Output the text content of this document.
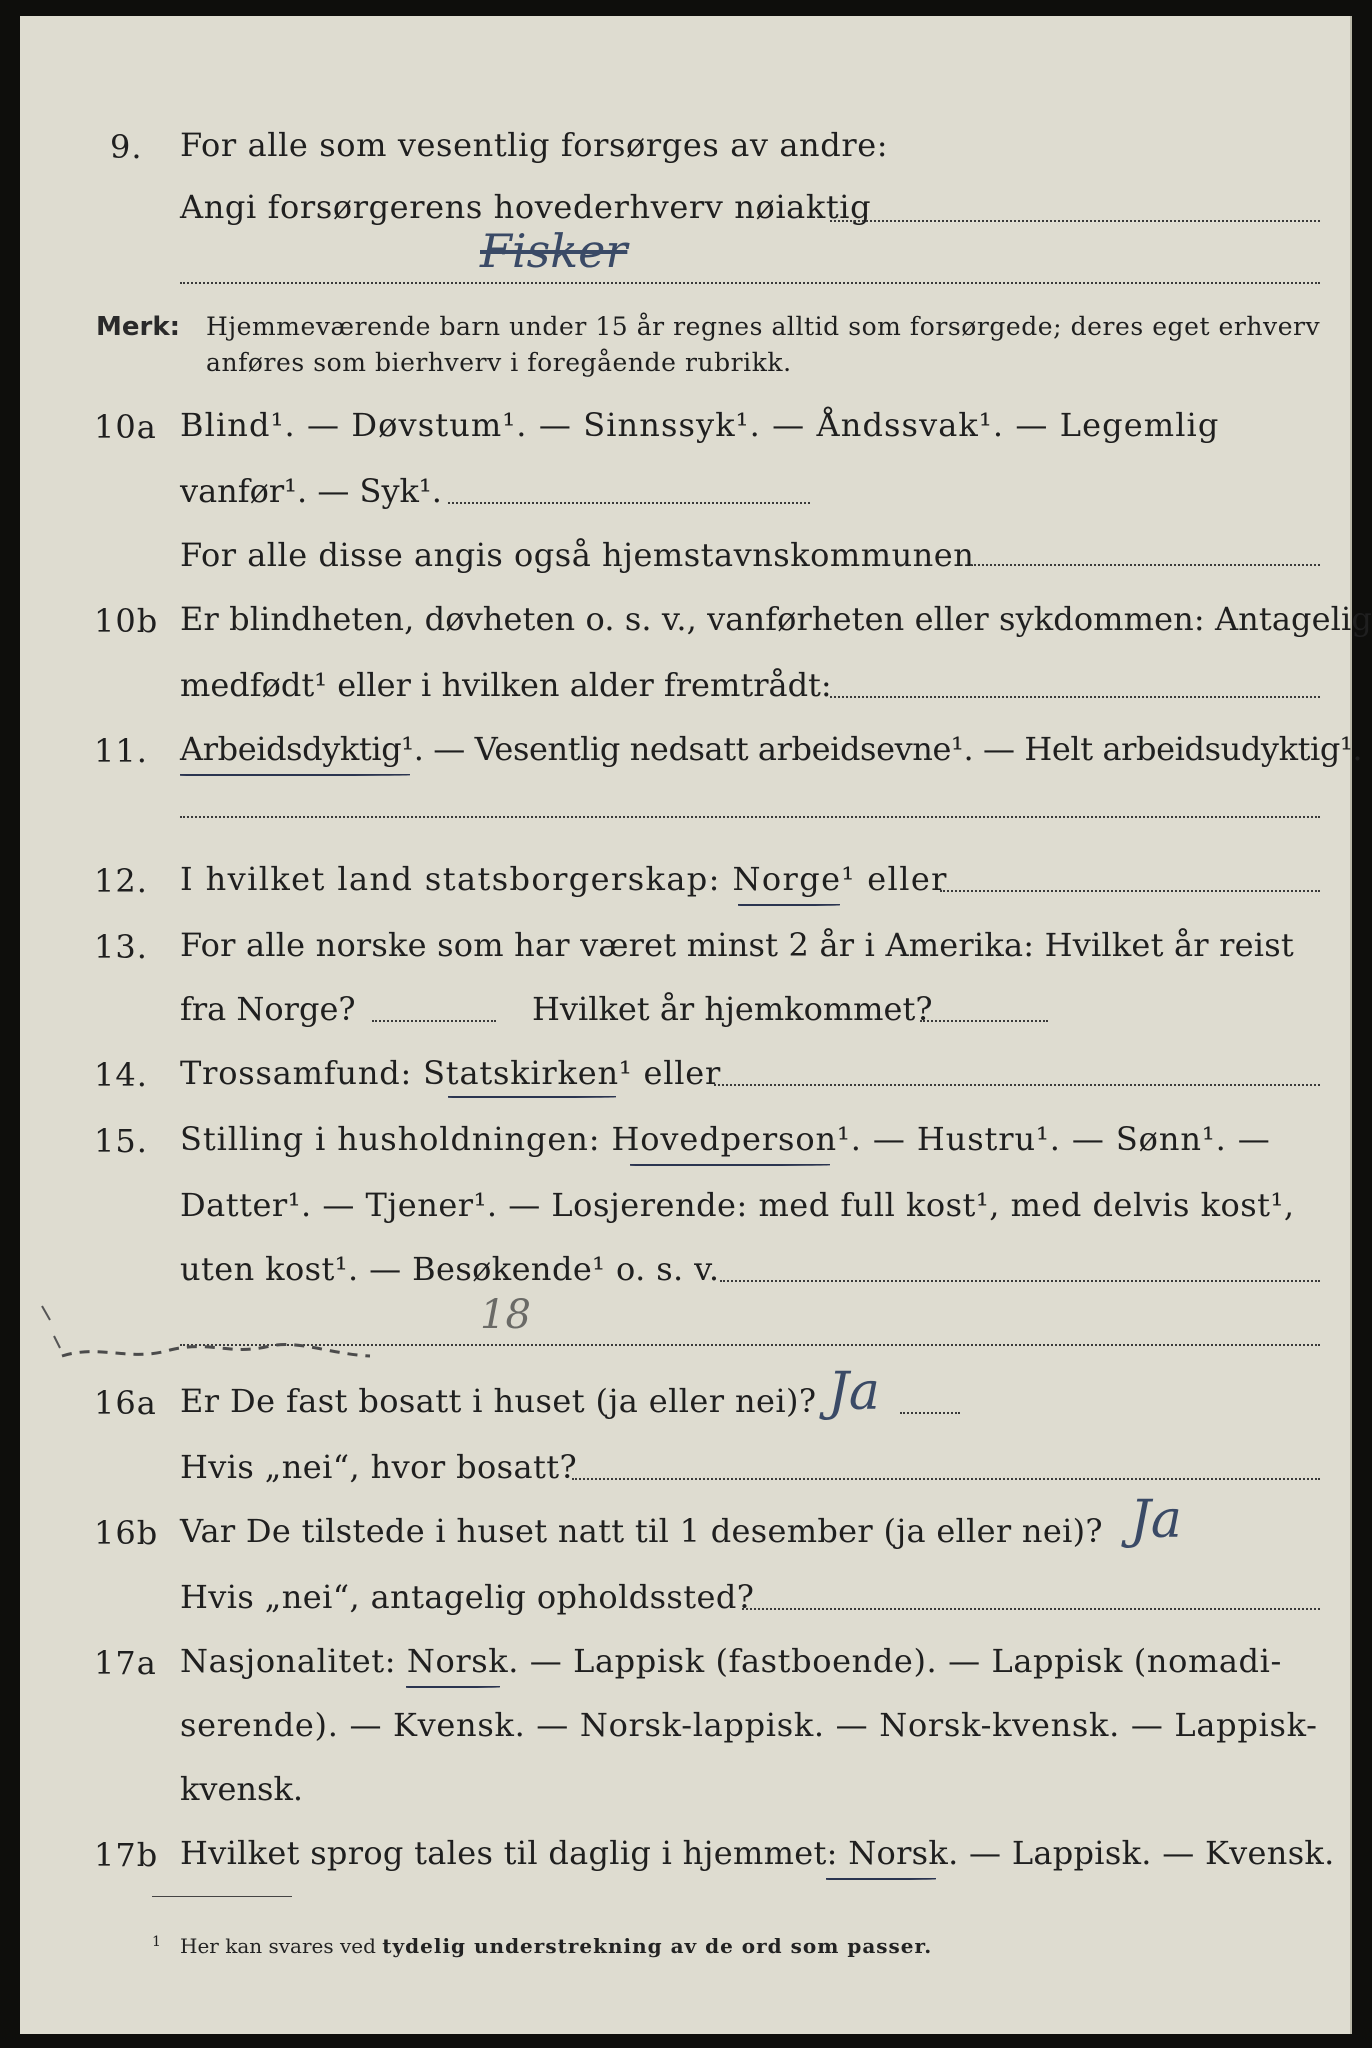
9. For alle som vesentlig forsørges av andre:
Angi forsørgerens hovederhverv nøiaktig
Fisker
Merk: Hjemmeværende barn under 15 år regnes alltid som forsørgede; deres eget erhverv
anføres som bierhverv i foregående rubrikk.
10a Blind¹. — Døvstum¹. — Sinnssyk¹. — Åndssvak¹. — Legemlig
vanfør¹. — Syk¹.
For alle disse angis også hjemstavnskommunen
10b Er blindheten, døvheten o. s. v., vanførheten eller sykdommen: Antagelig
medfødt¹ eller i hvilken alder fremtrådt:
11. Arbeidsdyktig¹. — Vesentlig nedsatt arbeidsevne¹. — Helt arbeidsudyktig¹.
12. I hvilket land statsborgerskap: Norge¹ eller
13. For alle norske som har været minst 2 år i Amerika: Hvilket år reist
fra Norge?	Hvilket år hjemkommet?
14. Trossamfund: Statskirken¹ eller
15. Stilling i husholdningen: Hovedperson¹. — Hustru¹. — Sønn¹. —
Datter¹. — Tjener¹. — Losjerende: med full kost¹, med delvis kost¹,
uten kost¹. — Besøkende¹ o. s. v.
18
16a Er De fast bosatt i huset (ja eller nei)? Ja
Hvis „nei“, hvor bosatt?
16b Var De tilstede i huset natt til 1 desember (ja eller nei)? Ja
Hvis „nei“, antagelig opholdssted?
17a Nasjonalitet: Norsk. — Lappisk (fastboende). — Lappisk (nomadi-
serende). — Kvensk. — Norsk-lappisk. — Norsk-kvensk. — Lappisk-
kvensk.
17b Hvilket sprog tales til daglig i hjemmet: Norsk. — Lappisk. — Kvensk.
$^1$ Her kan svares ved tydelig understrekning av de ord som passer.
